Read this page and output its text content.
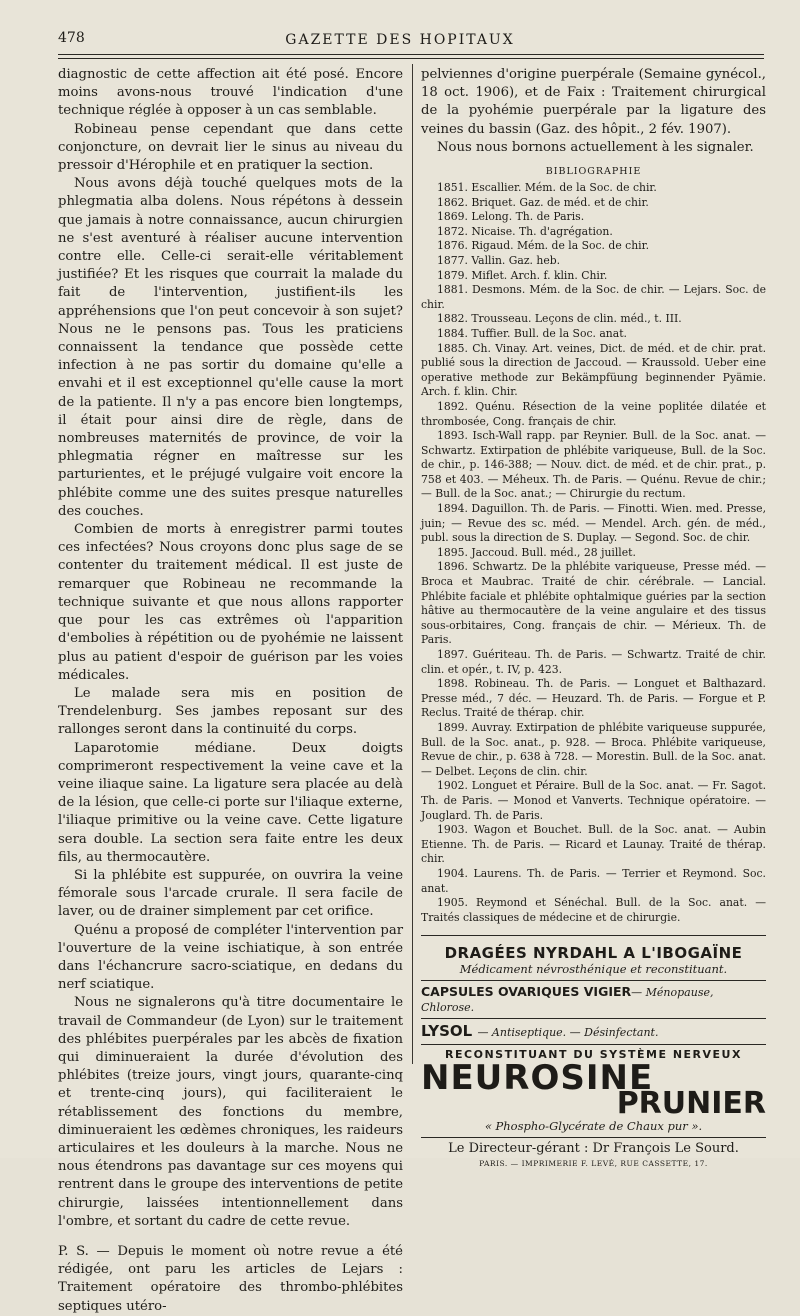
478	GAZETTE DES HOPITAUX

diagnostic de cette affection ait été posé. Encore moins avons-nous trouvé l'indication d'une technique réglée à opposer à un cas semblable.

Robineau pense cependant que dans cette conjoncture, on devrait lier le sinus au niveau du pressoir d'Hérophile et en pratiquer la section.

Nous avons déjà touché quelques mots de la phlegmatia alba dolens. Nous répétons à dessein que jamais à notre connaissance, aucun chirurgien ne s'est aventuré à réaliser aucune intervention contre elle. Celle-ci serait-elle véritablement justifiée? Et les risques que courrait la malade du fait de l'intervention, justifient-ils les appréhensions que l'on peut concevoir à son sujet? Nous ne le pensons pas. Tous les praticiens connaissent la tendance que possède cette infection à ne pas sortir du domaine qu'elle a envahi et il est exceptionnel qu'elle cause la mort de la patiente. Il n'y a pas encore bien longtemps, il était pour ainsi dire de règle, dans de nombreuses maternités de province, de voir la phlegmatia régner en maîtresse sur les parturientes, et le préjugé vulgaire voit encore la phlébite comme une des suites presque naturelles des couches.

Combien de morts à enregistrer parmi toutes ces infectées? Nous croyons donc plus sage de se contenter du traitement médical. Il est juste de remarquer que Robineau ne recommande la technique suivante et que nous allons rapporter que pour les cas extrêmes où l'apparition d'embolies à répétition ou de pyohémie ne laissent plus au patient d'espoir de guérison par les voies médicales.

Le malade sera mis en position de Trendelenburg. Ses jambes reposant sur des rallonges seront dans la continuité du corps.

Laparotomie médiane. Deux doigts comprimeront respectivement la veine cave et la veine iliaque saine. La ligature sera placée au delà de la lésion, que celle-ci porte sur l'iliaque externe, l'iliaque primitive ou la veine cave. Cette ligature sera double. La section sera faite entre les deux fils, au thermocautère.

Si la phlébite est suppurée, on ouvrira la veine fémorale sous l'arcade crurale. Il sera facile de laver, ou de drainer simplement par cet orifice.

Quénu a proposé de compléter l'intervention par l'ouverture de la veine ischiatique, à son entrée dans l'échancrure sacro-sciatique, en dedans du nerf sciatique.

Nous ne signalerons qu'à titre documentaire le travail de Commandeur (de Lyon) sur le traitement des phlébites puerpérales par les abcès de fixation qui diminueraient la durée d'évolution des phlébites (treize jours, vingt jours, quarante-cinq et trente-cinq jours), qui faciliteraient le rétablissement des fonctions du membre, diminueraient les œdèmes chroniques, les raideurs articulaires et les douleurs à la marche. Nous ne nous étendrons pas davantage sur ces moyens qui rentrent dans le groupe des interventions de petite chirurgie, laissées intentionnellement dans l'ombre, et sortant du cadre de cette revue.

P. S. — Depuis le moment où notre revue a été rédigée, ont paru les articles de Lejars : Traitement opératoire des thrombo-phlébites septiques utéro-

pelviennes d'origine puerpérale (Semaine gynécol., 18 oct. 1906), et de Faix : Traitement chirurgical de la pyohémie puerpérale par la ligature des veines du bassin (Gaz. des hôpit., 2 fév. 1907).

Nous nous bornons actuellement à les signaler.

BIBLIOGRAPHIE

1851. Escallier. Mém. de la Soc. de chir.

1862. Briquet. Gaz. de méd. et de chir.

1869. Lelong. Th. de Paris.

1872. Nicaise. Th. d'agrégation.

1876. Rigaud. Mém. de la Soc. de chir.

1877. Vallin. Gaz. heb.

1879. Miflet. Arch. f. klin. Chir.

1881. Desmons. Mém. de la Soc. de chir. — Lejars. Soc. de chir.

1882. Trousseau. Leçons de clin. méd., t. III.

1884. Tuffier. Bull. de la Soc. anat.

1885. Ch. Vinay. Art. veines, Dict. de méd. et de chir. prat. publié sous la direction de Jaccoud. — Kraussold. Ueber eine operative methode zur Bekämpfüung beginnender Pyämie. Arch. f. klin. Chir.

1892. Quénu. Résection de la veine poplitée dilatée et thrombosée, Cong. français de chir.

1893. Isch-Wall rapp. par Reynier. Bull. de la Soc. anat. — Schwartz. Extirpation de phlébite variqueuse, Bull. de la Soc. de chir., p. 146-388; — Nouv. dict. de méd. et de chir. prat., p. 758 et 403. — Méheux. Th. de Paris. — Quénu. Revue de chir.; — Bull. de la Soc. anat.; — Chirurgie du rectum.

1894. Daguillon. Th. de Paris. — Finotti. Wien. med. Presse, juin; — Revue des sc. méd. — Mendel. Arch. gén. de méd., publ. sous la direction de S. Duplay. — Segond. Soc. de chir.

1895. Jaccoud. Bull. méd., 28 juillet.

1896. Schwartz. De la phlébite variqueuse, Presse méd. — Broca et Maubrac. Traité de chir. cérébrale. — Lancial. Phlébite faciale et phlébite ophtalmique guéries par la section hâtive au thermocautère de la veine angulaire et des tissus sous-orbitaires, Cong. français de chir. — Mérieux. Th. de Paris.

1897. Guériteau. Th. de Paris. — Schwartz. Traité de chir. clin. et opér., t. IV, p. 423.

1898. Robineau. Th. de Paris. — Longuet et Balthazard. Presse méd., 7 déc. — Heuzard. Th. de Paris. — Forgue et P. Reclus. Traité de thérap. chir.

1899. Auvray. Extirpation de phlébite variqueuse suppurée, Bull. de la Soc. anat., p. 928. — Broca. Phlébite variqueuse, Revue de chir., p. 638 à 728. — Morestin. Bull. de la Soc. anat. — Delbet. Leçons de clin. chir.

1902. Longuet et Péraire. Bull de la Soc. anat. — Fr. Sagot. Th. de Paris. — Monod et Vanverts. Technique opératoire. — Jouglard. Th. de Paris.

1903. Wagon et Bouchet. Bull. de la Soc. anat. — Aubin Etienne. Th. de Paris. — Ricard et Launay. Traité de thérap. chir.

1904. Laurens. Th. de Paris. — Terrier et Reymond. Soc. anat.

1905. Reymond et Sénéchal. Bull. de la Soc. anat. — Traités classiques de médecine et de chirurgie.

DRAGÉES NYRDAHL A L'IBOGAÏNE
Médicament névrosthénique et reconstituant.
CAPSULES OVARIQUES VIGIER— Ménopause, Chlorose.
LYSOL — Antiseptique. — Désinfectant.
RECONSTITUANT DU SYSTÈME NERVEUX
NEUROSINE
PRUNIER
« Phospho-Glycérate de Chaux pur ».
Le Directeur-gérant : Dr François Le Sourd.
PARIS. — IMPRIMERIE F. LEVÉ, RUE CASSETTE, 17.
